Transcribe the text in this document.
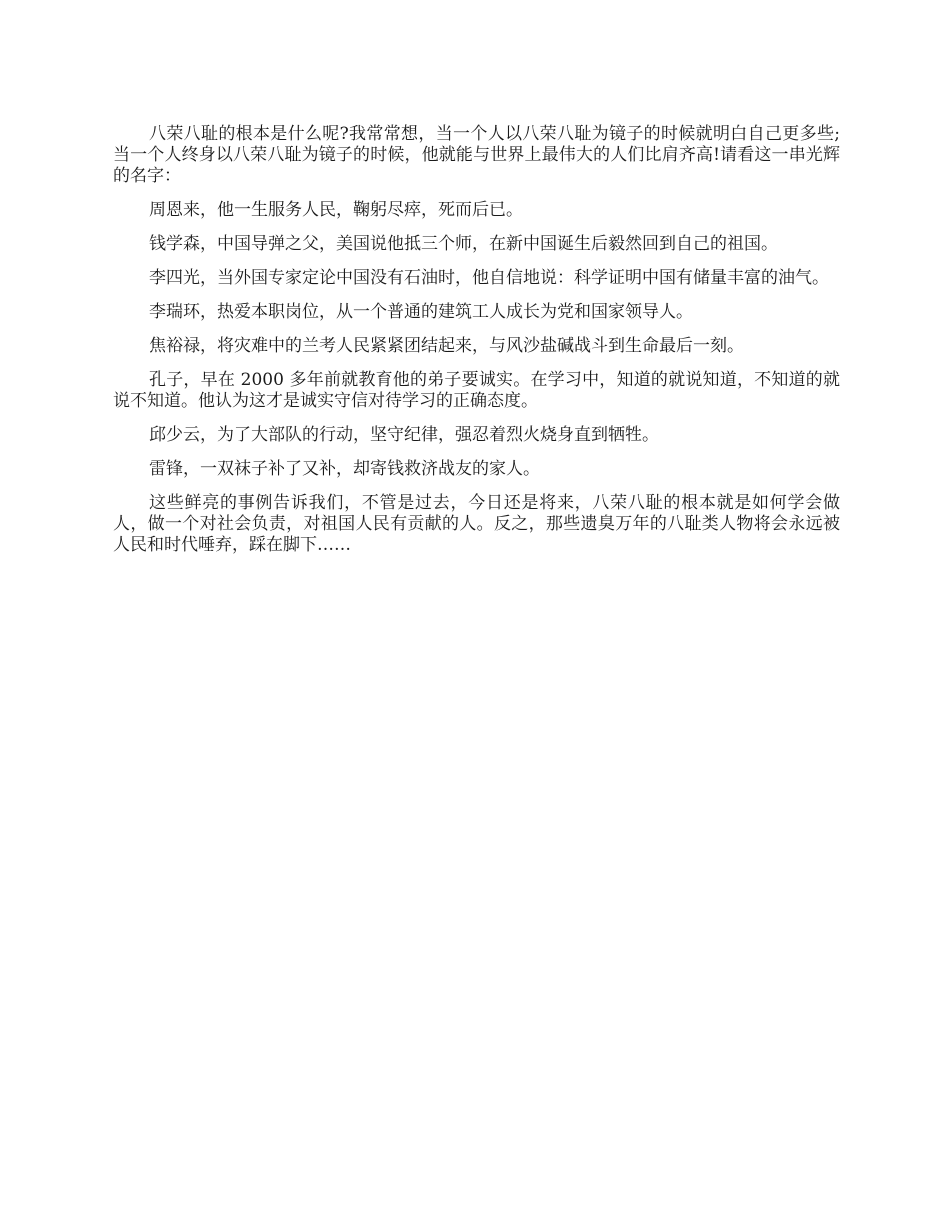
八荣八耻的根本是什么呢?我常常想，当一个人以八荣八耻为镜子的时候就明白自己更多些;当一个人终身以八荣八耻为镜子的时候，他就能与世界上最伟大的人们比肩齐高!请看这一串光辉的名字：

周恩来，他一生服务人民，鞠躬尽瘁，死而后已。

钱学森，中国导弹之父，美国说他抵三个师，在新中国诞生后毅然回到自己的祖国。

李四光，当外国专家定论中国没有石油时，他自信地说：科学证明中国有储量丰富的油气。

李瑞环，热爱本职岗位，从一个普通的建筑工人成长为党和国家领导人。

焦裕禄，将灾难中的兰考人民紧紧团结起来，与风沙盐碱战斗到生命最后一刻。

孔子，早在 2000 多年前就教育他的弟子要诚实。在学习中，知道的就说知道，不知道的就说不知道。他认为这才是诚实守信对待学习的正确态度。

邱少云，为了大部队的行动，坚守纪律，强忍着烈火烧身直到牺牲。

雷锋，一双袜子补了又补，却寄钱救济战友的家人。

这些鲜亮的事例告诉我们，不管是过去，今日还是将来，八荣八耻的根本就是如何学会做人，做一个对社会负责，对祖国人民有贡献的人。反之，那些遗臭万年的八耻类人物将会永远被人民和时代唾弃，踩在脚下……
